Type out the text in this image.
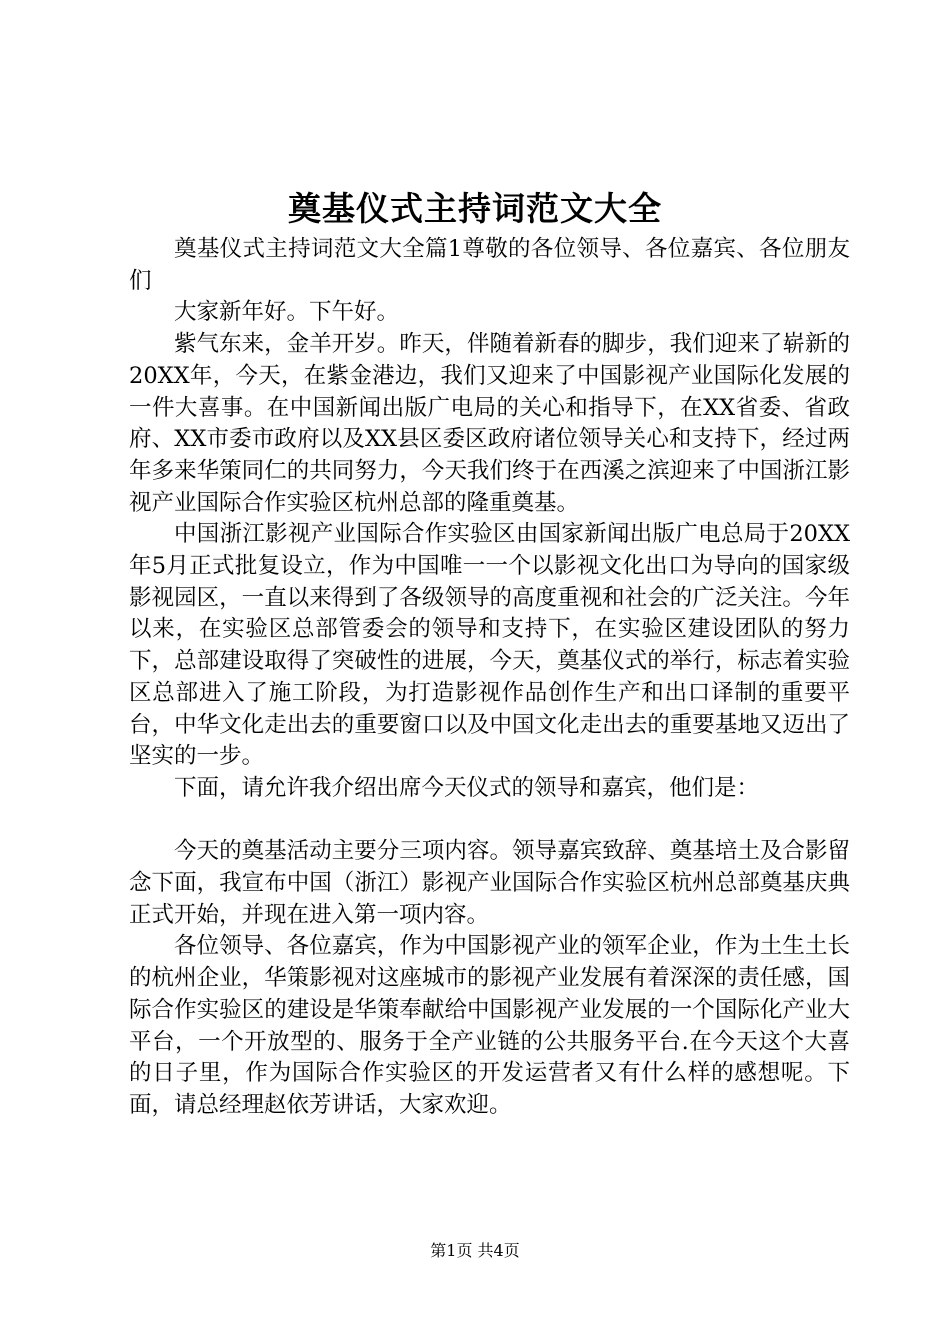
奠基仪式主持词范文大全

奠基仪式主持词范文大全篇1尊敬的各位领导、各位嘉宾、各位朋友们

大家新年好。下午好。

紫气东来，金羊开岁。昨天，伴随着新春的脚步，我们迎来了崭新的20XX年，今天，在紫金港边，我们又迎来了中国影视产业国际化发展的一件大喜事。在中国新闻出版广电局的关心和指导下，在XX省委、省政府、XX市委市政府以及XX县区委区政府诸位领导关心和支持下，经过两年多来华策同仁的共同努力，今天我们终于在西溪之滨迎来了中国浙江影视产业国际合作实验区杭州总部的隆重奠基。

中国浙江影视产业国际合作实验区由国家新闻出版广电总局于20XX年5月正式批复设立，作为中国唯一一个以影视文化出口为导向的国家级影视园区，一直以来得到了各级领导的高度重视和社会的广泛关注。今年以来，在实验区总部管委会的领导和支持下，在实验区建设团队的努力下，总部建设取得了突破性的进展，今天，奠基仪式的举行，标志着实验区总部进入了施工阶段，为打造影视作品创作生产和出口译制的重要平台，中华文化走出去的重要窗口以及中国文化走出去的重要基地又迈出了坚实的一步。

下面，请允许我介绍出席今天仪式的领导和嘉宾，他们是：

今天的奠基活动主要分三项内容。领导嘉宾致辞、奠基培土及合影留念下面，我宣布中国（浙江）影视产业国际合作实验区杭州总部奠基庆典正式开始，并现在进入第一项内容。

各位领导、各位嘉宾，作为中国影视产业的领军企业，作为土生土长的杭州企业，华策影视对这座城市的影视产业发展有着深深的责任感，国际合作实验区的建设是华策奉献给中国影视产业发展的一个国际化产业大平台，一个开放型的、服务于全产业链的公共服务平台.在今天这个大喜的日子里，作为国际合作实验区的开发运营者又有什么样的感想呢。下面，请总经理赵依芳讲话，大家欢迎。

第1页 共4页
